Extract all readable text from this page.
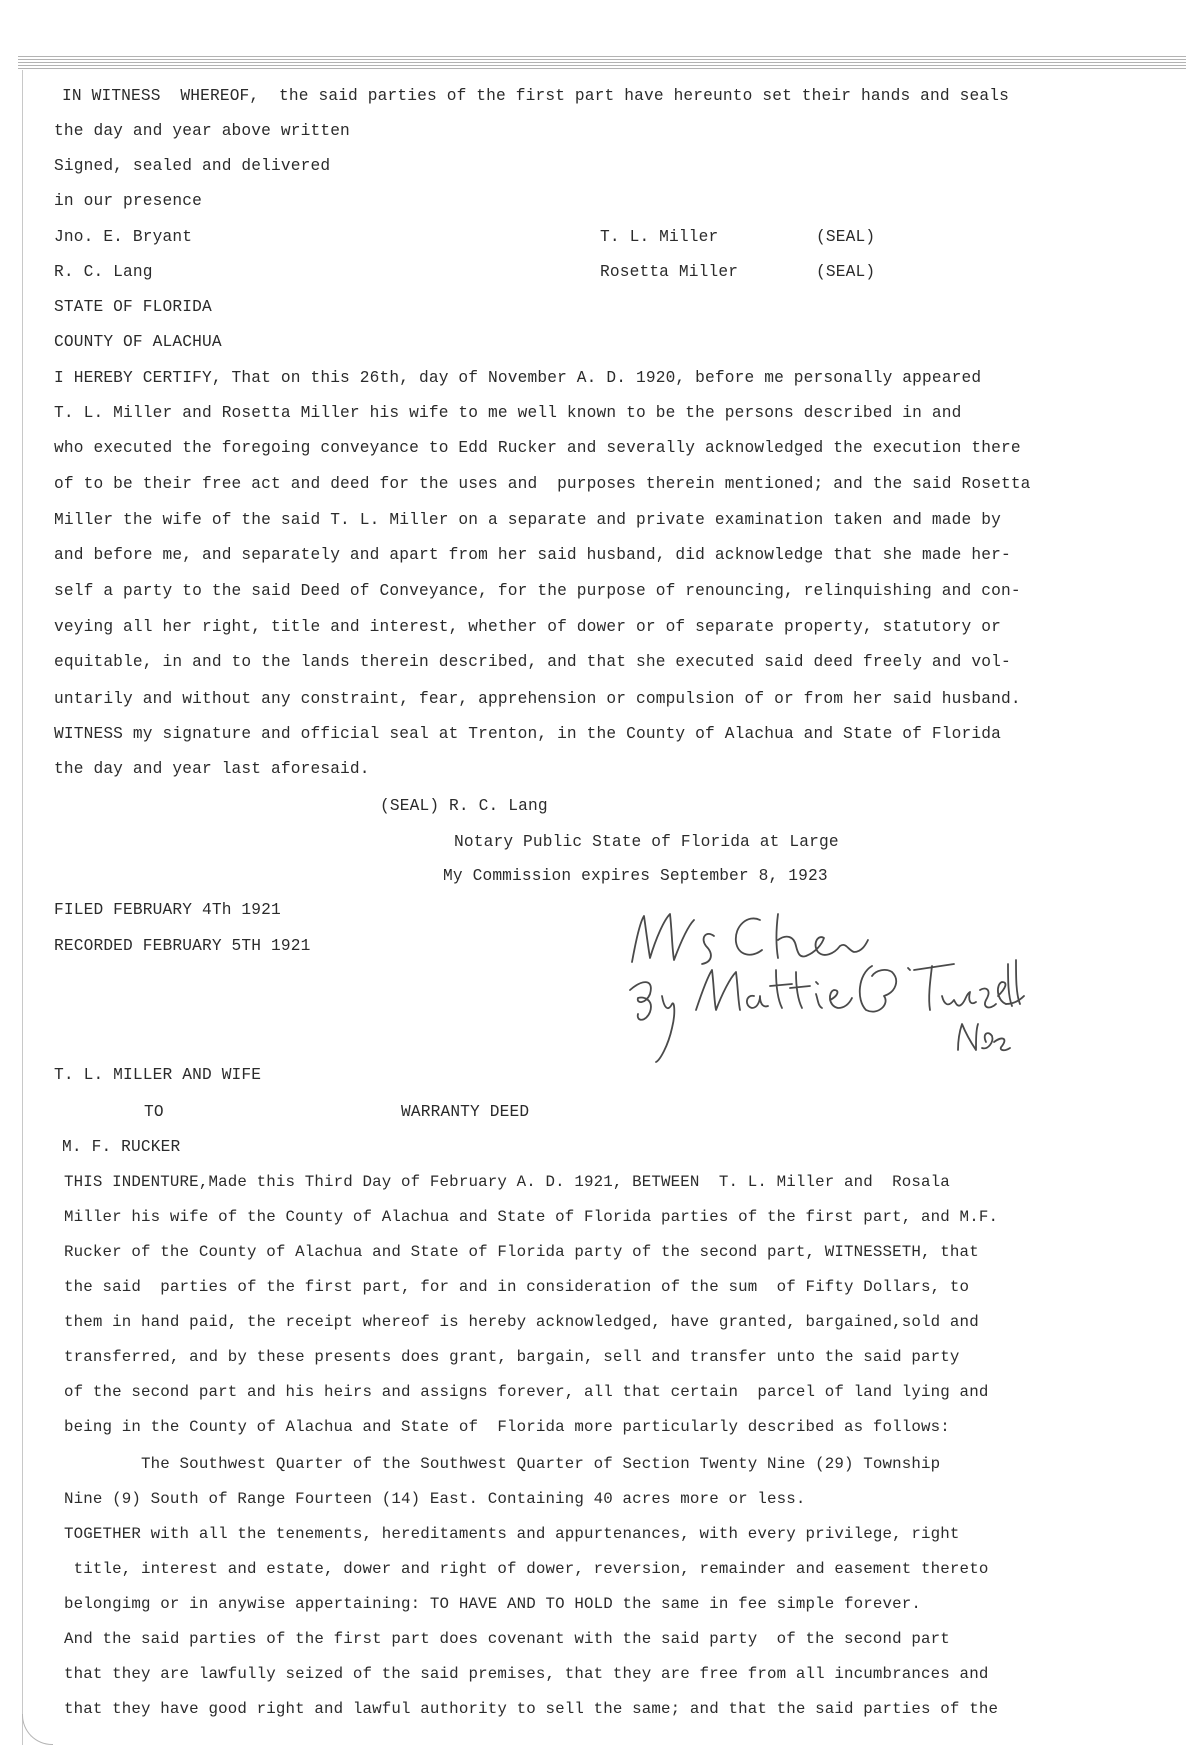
IN WITNESS  WHEREOF,  the said parties of the first part have hereunto set their hands and seals
the day and year above written
Signed, sealed and delivered
in our presence
Jno. E. Bryant
R. C. Lang
T. L. Miller
Rosetta Miller
(SEAL)
(SEAL)
STATE OF FLORIDA
COUNTY OF ALACHUA
I HEREBY CERTIFY, That on this 26th, day of November A. D. 1920, before me personally appeared
T. L. Miller and Rosetta Miller his wife to me well known to be the persons described in and
who executed the foregoing conveyance to Edd Rucker and severally acknowledged the execution there
of to be their free act and deed for the uses and  purposes therein mentioned; and the said Rosetta
Miller the wife of the said T. L. Miller on a separate and private examination taken and made by
and before me, and separately and apart from her said husband, did acknowledge that she made her-
self a party to the said Deed of Conveyance, for the purpose of renouncing, relinquishing and con-
veying all her right, title and interest, whether of dower or of separate property, statutory or
equitable, in and to the lands therein described, and that she executed said deed freely and vol-
untarily and without any constraint, fear, apprehension or compulsion of or from her said husband.
WITNESS my signature and official seal at Trenton, in the County of Alachua and State of Florida
the day and year last aforesaid.
(SEAL) R. C. Lang
Notary Public State of Florida at Large
My Commission expires September 8, 1923
FILED FEBRUARY 4Th 1921
RECORDED FEBRUARY 5TH 1921
T. L. MILLER AND WIFE
TO	WARRANTY DEED
M. F. RUCKER
THIS INDENTURE,Made this Third Day of February A. D. 1921, BETWEEN  T. L. Miller and  Rosala
Miller his wife of the County of Alachua and State of Florida parties of the first part, and M.F.
Rucker of the County of Alachua and State of Florida party of the second part, WITNESSETH, that
the said  parties of the first part, for and in consideration of the sum  of Fifty Dollars, to
them in hand paid, the receipt whereof is hereby acknowledged, have granted, bargained,sold and
transferred, and by these presents does grant, bargain, sell and transfer unto the said party
of the second part and his heirs and assigns forever, all that certain  parcel of land lying and
being in the County of Alachua and State of  Florida more particularly described as follows:
The Southwest Quarter of the Southwest Quarter of Section Twenty Nine (29) Township
Nine (9) South of Range Fourteen (14) East. Containing 40 acres more or less.
TOGETHER with all the tenements, hereditaments and appurtenances, with every privilege, right
title, interest and estate, dower and right of dower, reversion, remainder and easement thereto
belongimg or in anywise appertaining: TO HAVE AND TO HOLD the same in fee simple forever.
And the said parties of the first part does covenant with the said party  of the second part
that they are lawfully seized of the said premises, that they are free from all incumbrances and
that they have good right and lawful authority to sell the same; and that the said parties of the
